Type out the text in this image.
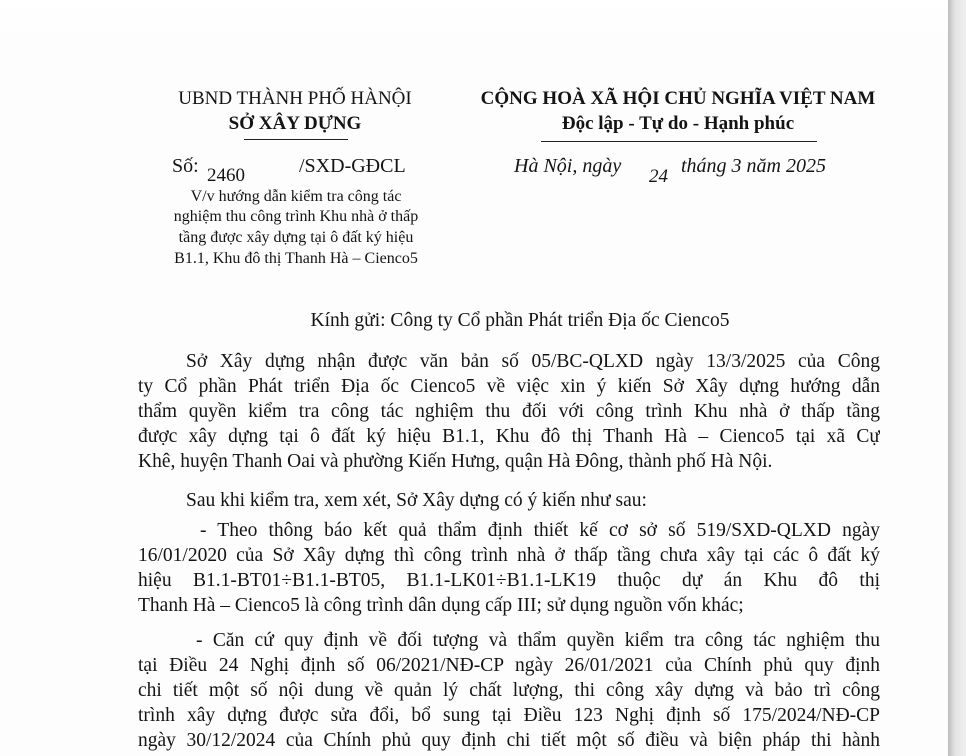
UBND THÀNH PHỐ HÀNỘI
SỞ XÂY DỰNG
CỘNG HOÀ XÃ HỘI CHỦ NGHĨA VIỆT NAM
Độc lập - Tự do - Hạnh phúc
Số: 2460	/SXD-GĐCL	Hà Nội, ngày 24 tháng 3 năm 2025
V/v hướng dẫn kiểm tra công tác
nghiệm thu công trình Khu nhà ở thấp
tầng được xây dựng tại ô đất ký hiệu
B1.1, Khu đô thị Thanh Hà – Cienco5
Kính gửi: Công ty Cổ phần Phát triển Địa ốc Cienco5
Sở Xây dựng nhận được văn bản số 05/BC-QLXD ngày 13/3/2025 của Công
ty Cổ phần Phát triển Địa ốc Cienco5 về việc xin ý kiến Sở Xây dựng hướng dẫn
thẩm quyền kiểm tra công tác nghiệm thu đối với công trình Khu nhà ở thấp tầng
được xây dựng tại ô đất ký hiệu B1.1, Khu đô thị Thanh Hà – Cienco5 tại xã Cự
Khê, huyện Thanh Oai và phường Kiến Hưng, quận Hà Đông, thành phố Hà Nội.
Sau khi kiểm tra, xem xét, Sở Xây dựng có ý kiến như sau:
- Theo thông báo kết quả thẩm định thiết kế cơ sở số 519/SXD-QLXD ngày
16/01/2020 của Sở Xây dựng thì công trình nhà ở thấp tầng chưa xây tại các ô đất ký
hiệu B1.1-BT01÷B1.1-BT05, B1.1-LK01÷B1.1-LK19 thuộc dự án Khu đô thị
Thanh Hà – Cienco5 là công trình dân dụng cấp III; sử dụng nguồn vốn khác;
- Căn cứ quy định về đối tượng và thẩm quyền kiểm tra công tác nghiệm thu
tại Điều 24 Nghị định số 06/2021/NĐ-CP ngày 26/01/2021 của Chính phủ quy định
chi tiết một số nội dung về quản lý chất lượng, thi công xây dựng và bảo trì công
trình xây dựng được sửa đổi, bổ sung tại Điều 123 Nghị định số 175/2024/NĐ-CP
ngày 30/12/2024 của Chính phủ quy định chi tiết một số điều và biện pháp thi hành
